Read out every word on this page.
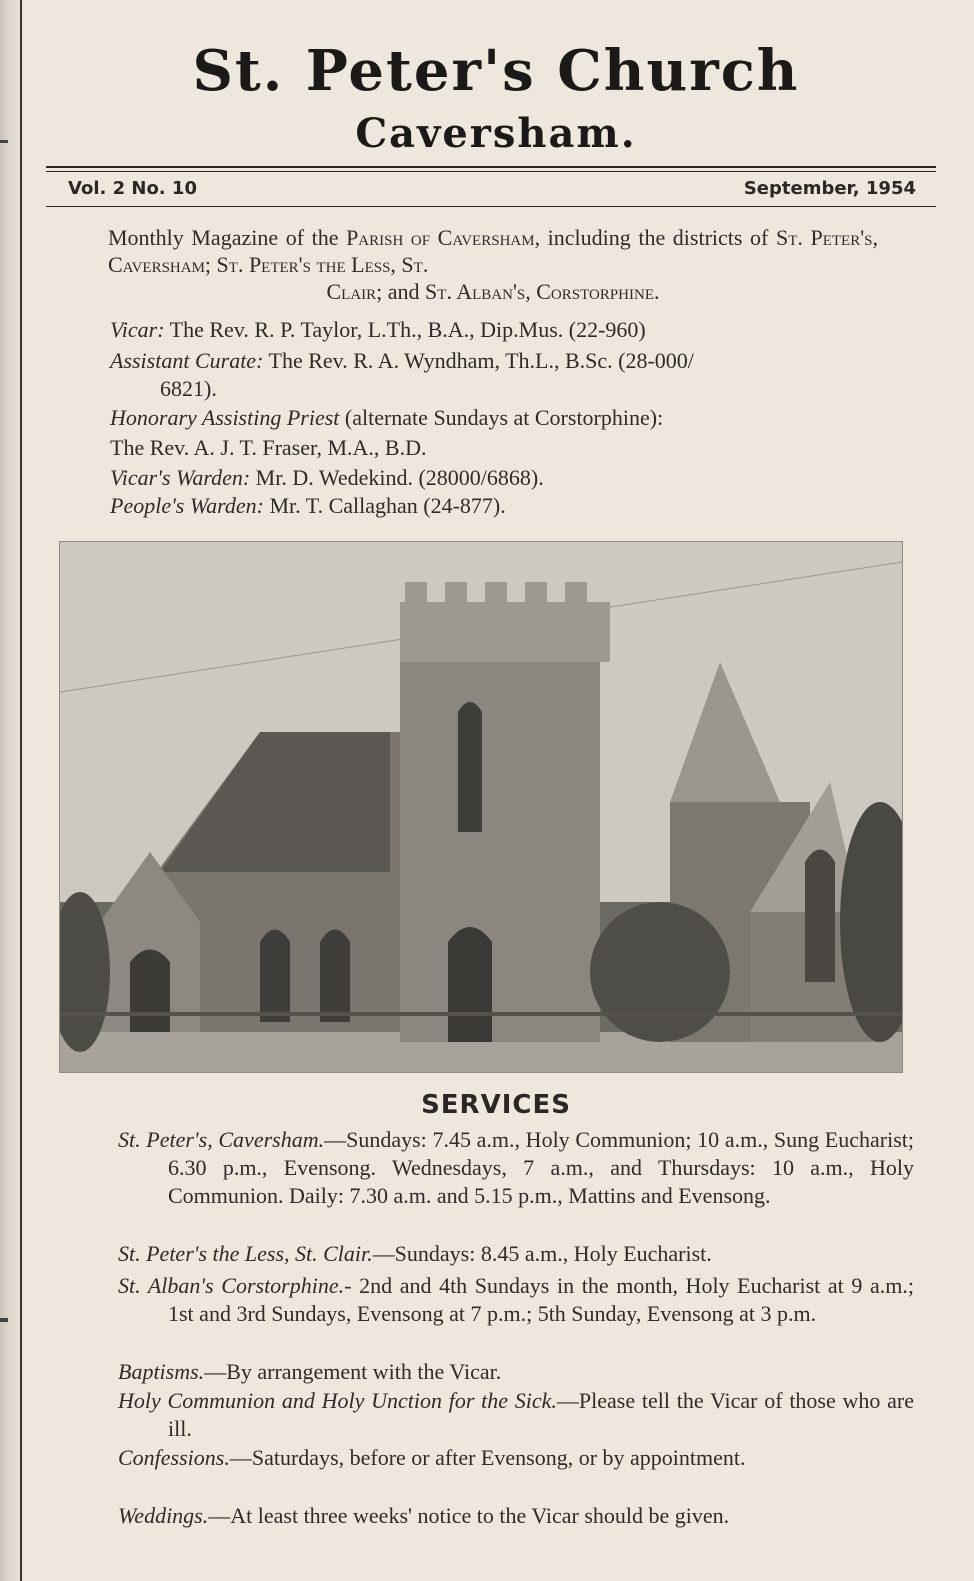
St. Peter's Church
Caversham.
Vol. 2 No. 10	September, 1954
Monthly Magazine of the Parish of Caversham, including the districts of St. Peter's, Caversham; St. Peter's the Less, St.
Clair; and St. Alban's, Corstorphine.
Vicar: The Rev. R. P. Taylor, L.Th., B.A., Dip.Mus. (22-960)
Assistant Curate: The Rev. R. A. Wyndham, Th.L., B.Sc. (28-000/
6821).
Honorary Assisting Priest (alternate Sundays at Corstorphine):
The Rev. A. J. T. Fraser, M.A., B.D.
Vicar's Warden: Mr. D. Wedekind. (28000/6868).
People's Warden: Mr. T. Callaghan (24-877).
SERVICES
St. Peter's, Caversham.—Sundays: 7.45 a.m., Holy Communion; 10 a.m., Sung Eucharist; 6.30 p.m., Evensong. Wednesdays, 7 a.m., and Thursdays: 10 a.m., Holy Communion. Daily: 7.30 a.m. and 5.15 p.m., Mattins and Evensong.
St. Peter's the Less, St. Clair.—Sundays: 8.45 a.m., Holy Eucharist.
St. Alban's Corstorphine.- 2nd and 4th Sundays in the month, Holy Eucharist at 9 a.m.; 1st and 3rd Sundays, Evensong at 7 p.m.; 5th Sunday, Evensong at 3 p.m.
Baptisms.—By arrangement with the Vicar.
Holy Communion and Holy Unction for the Sick.—Please tell the Vicar of those who are ill.
Confessions.—Saturdays, before or after Evensong, or by appointment.
Weddings.—At least three weeks' notice to the Vicar should be given.
